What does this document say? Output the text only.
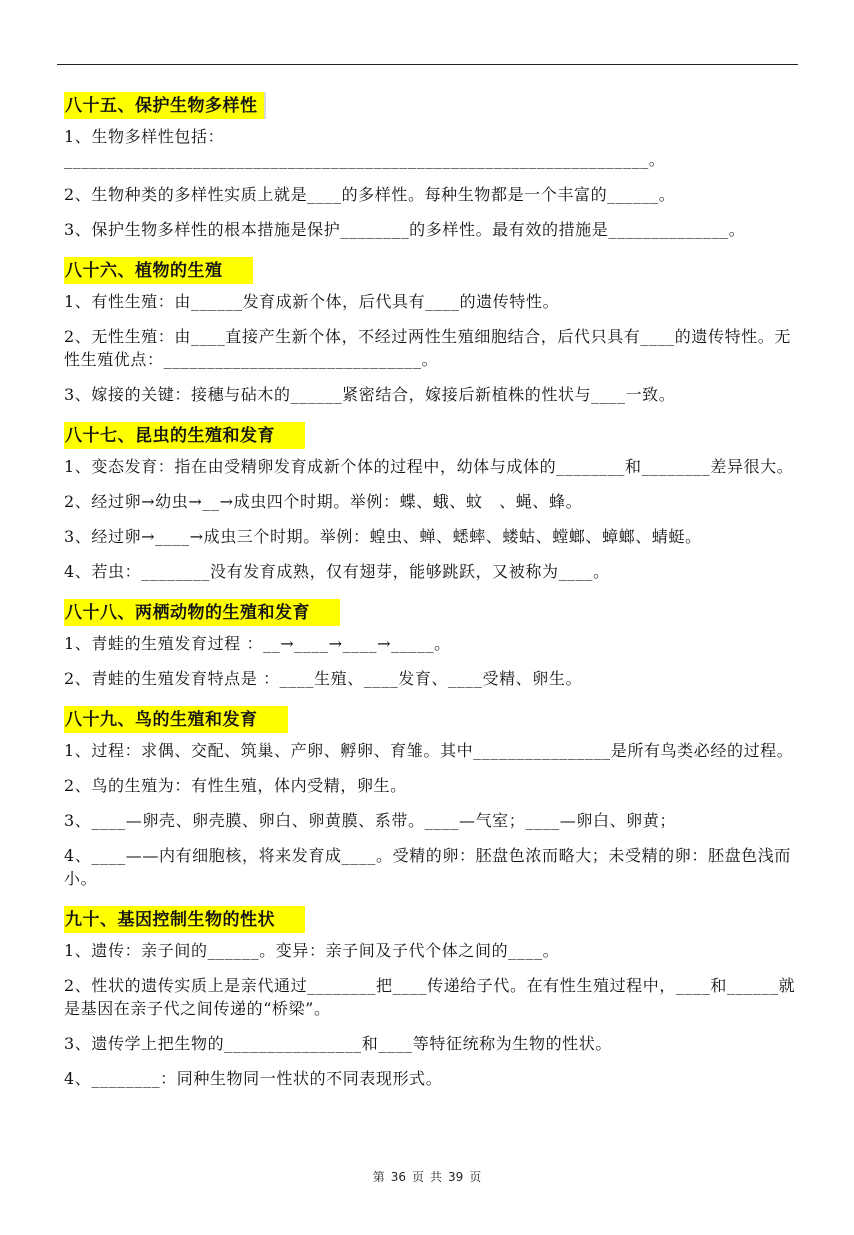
八十五、保护生物多样性

1、生物多样性包括：____________________________________________________________________。

2、生物种类的多样性实质上就是____的多样性。每种生物都是一个丰富的______。

3、保护生物多样性的根本措施是保护________的多样性。最有效的措施是______________。

八十六、植物的生殖

1、有性生殖：由______发育成新个体，后代具有____的遗传特性。

2、无性生殖：由____直接产生新个体，不经过两性生殖细胞结合，后代只具有____的遗传特性。无性生殖优点：______________________________。

3、嫁接的关键：接穗与砧木的______紧密结合，嫁接后新植株的性状与____一致。

八十七、昆虫的生殖和发育

1、变态发育：指在由受精卵发育成新个体的过程中，幼体与成体的________和________差异很大。

2、经过卵→幼虫→__→成虫四个时期。举例：蝶、蛾、蚊　、蝇、蜂。

3、经过卵→____→成虫三个时期。举例：蝗虫、蝉、蟋蟀、蝼蛄、螳螂、蟑螂、蜻蜓。

4、若虫：________没有发育成熟，仅有翅芽，能够跳跃，又被称为____。

八十八、两栖动物的生殖和发育

1、青蛙的生殖发育过程 ：__→____→____→_____。

2、青蛙的生殖发育特点是 ：____生殖、____发育、____受精、卵生。

八十九、鸟的生殖和发育

1、过程：求偶、交配、筑巢、产卵、孵卵、育雏。其中________________是所有鸟类必经的过程。

2、鸟的生殖为：有性生殖，体内受精，卵生。

3、____—卵壳、卵壳膜、卵白、卵黄膜、系带。____—气室；____—卵白、卵黄；

4、____——内有细胞核，将来发育成____。受精的卵：胚盘色浓而略大；未受精的卵：胚盘色浅而小。

九十、基因控制生物的性状

1、遗传：亲子间的______。变异：亲子间及子代个体之间的____。

2、性状的遗传实质上是亲代通过________把____传递给子代。在有性生殖过程中，____和______就是基因在亲子代之间传递的“桥梁”。

3、遗传学上把生物的________________和____等特征统称为生物的性状。

4、________：同种生物同一性状的不同表现形式。

第 36 页 共 39 页
